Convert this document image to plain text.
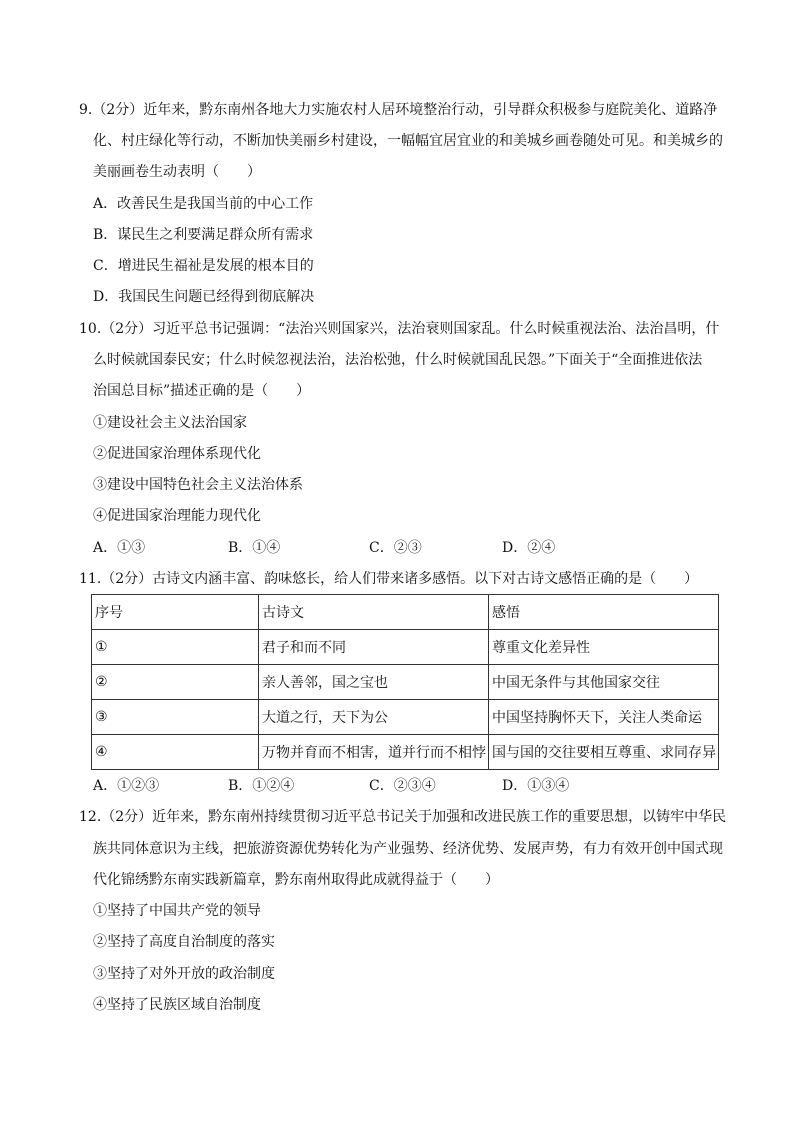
9.（2分）近年来，黔东南州各地大力实施农村人居环境整治行动，引导群众积极参与庭院美化、道路净
化、村庄绿化等行动，不断加快美丽乡村建设，一幅幅宜居宜业的和美城乡画卷随处可见。和美城乡的
美丽画卷生动表明（　　）
A．改善民生是我国当前的中心工作
B．谋民生之利要满足群众所有需求
C．增进民生福祉是发展的根本目的
D．我国民生问题已经得到彻底解决
10.（2分）习近平总书记强调：“法治兴则国家兴，法治衰则国家乱。什么时候重视法治、法治昌明，什
么时候就国泰民安；什么时候忽视法治，法治松弛，什么时候就国乱民怨。”下面关于“全面推进依法
治国总目标”描述正确的是（　　）
①建设社会主义法治国家
②促进国家治理体系现代化
③建设中国特色社会主义法治体系
④促进国家治理能力现代化
A．①③	B．①④	C．②③	D．②④
11.（2分）古诗文内涵丰富、韵味悠长，给人们带来诸多感悟。以下对古诗文感悟正确的是（　　）
序号	古诗文	感悟
①	君子和而不同	尊重文化差异性
②	亲人善邻，国之宝也	中国无条件与其他国家交往
③	大道之行，天下为公	中国坚持胸怀天下，关注人类命运
④	万物并育而不相害，道并行而不相悖	国与国的交往要相互尊重、求同存异
A．①②③	B．①②④	C．②③④	D．①③④
12.（2分）近年来，黔东南州持续贯彻习近平总书记关于加强和改进民族工作的重要思想，以铸牢中华民
族共同体意识为主线，把旅游资源优势转化为产业强势、经济优势、发展声势，有力有效开创中国式现
代化锦绣黔东南实践新篇章，黔东南州取得此成就得益于（　　）
①坚持了中国共产党的领导
②坚持了高度自治制度的落实
③坚持了对外开放的政治制度
④坚持了民族区域自治制度
